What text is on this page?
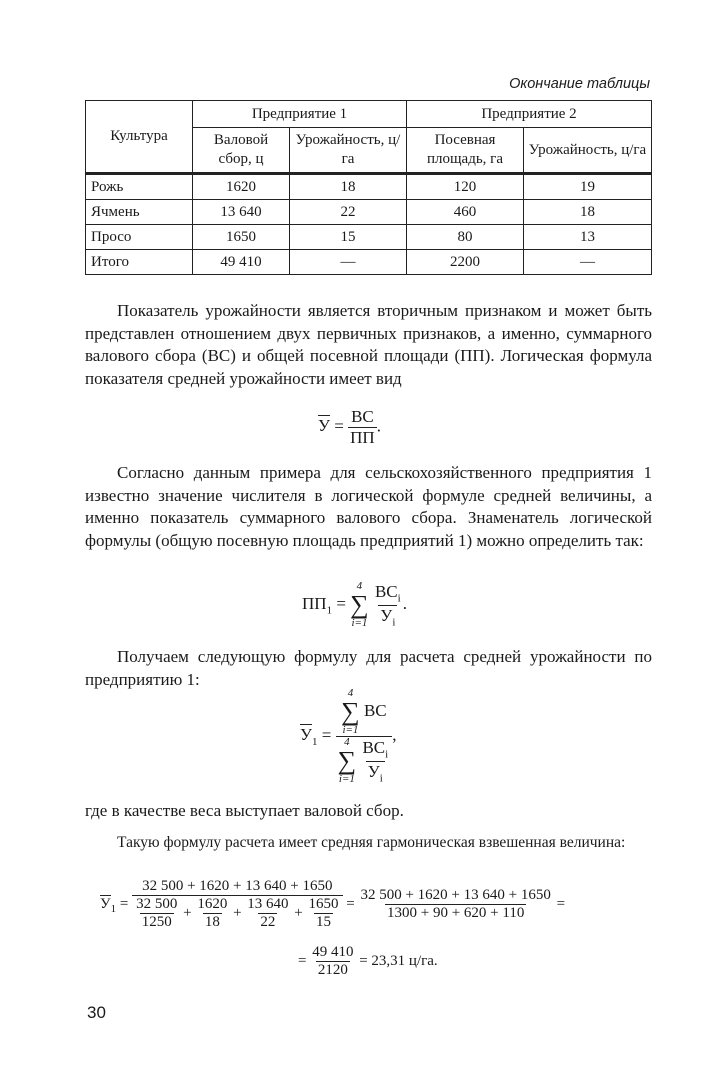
Окончание таблицы
Культура	Предприятие 1		Предприятие 2	
	Валовой сбор, ц	Урожайность, ц/га	Посевная площадь, га	Урожайность, ц/га

Рожь	1620	18	120	19
Ячмень	13 640	22	460	18
Просо	1650	15	80	13
Итого	49 410	—	2200	—

Показатель урожайности является вторичным признаком и может быть представлен отношением двух первичных признаков, а именно, суммарного валового сбора (ВС) и общей посевной площади (ПП). Логическая формула показателя средней урожайности имеет вид

$У = \frac{ВС}{ПП}$ .

Согласно данным примера для сельскохозяйственного предприятия 1 известно значение числителя в логической формуле средней величины, а именно показатель суммарного валового сбора. Знаменатель логической формулы (общую посевную площадь предприятий 1) можно определить так:

$ПП_1$ =
4
∑
i=1
$\frac{ВС_i}{У_i}$ .

Получаем следующую формулу для расчета средней урожайности по предприятию 1:

$У_1 = 4$
∑
i=1
ВС
4
∑
i=1
$\frac{ВС_i}{У_i}$ ,

где в качестве веса выступает валовой сбор.

Такую формулу расчета имеет средняя гармоническая взвешенная величина:

$У_1$ =
32 500 + 1620 + 13 640 + 1650
$\frac{32 500}{1250} + \frac{1620}{18} + \frac{13 640}{22} + \frac{1650}{15} = \frac{32 500 + 1620 + 13 640 + 1650}{1300 + 90 + 620 + 110}$ =
= $\frac{49 410}{2120} = 23,31$ ц/га.
30
